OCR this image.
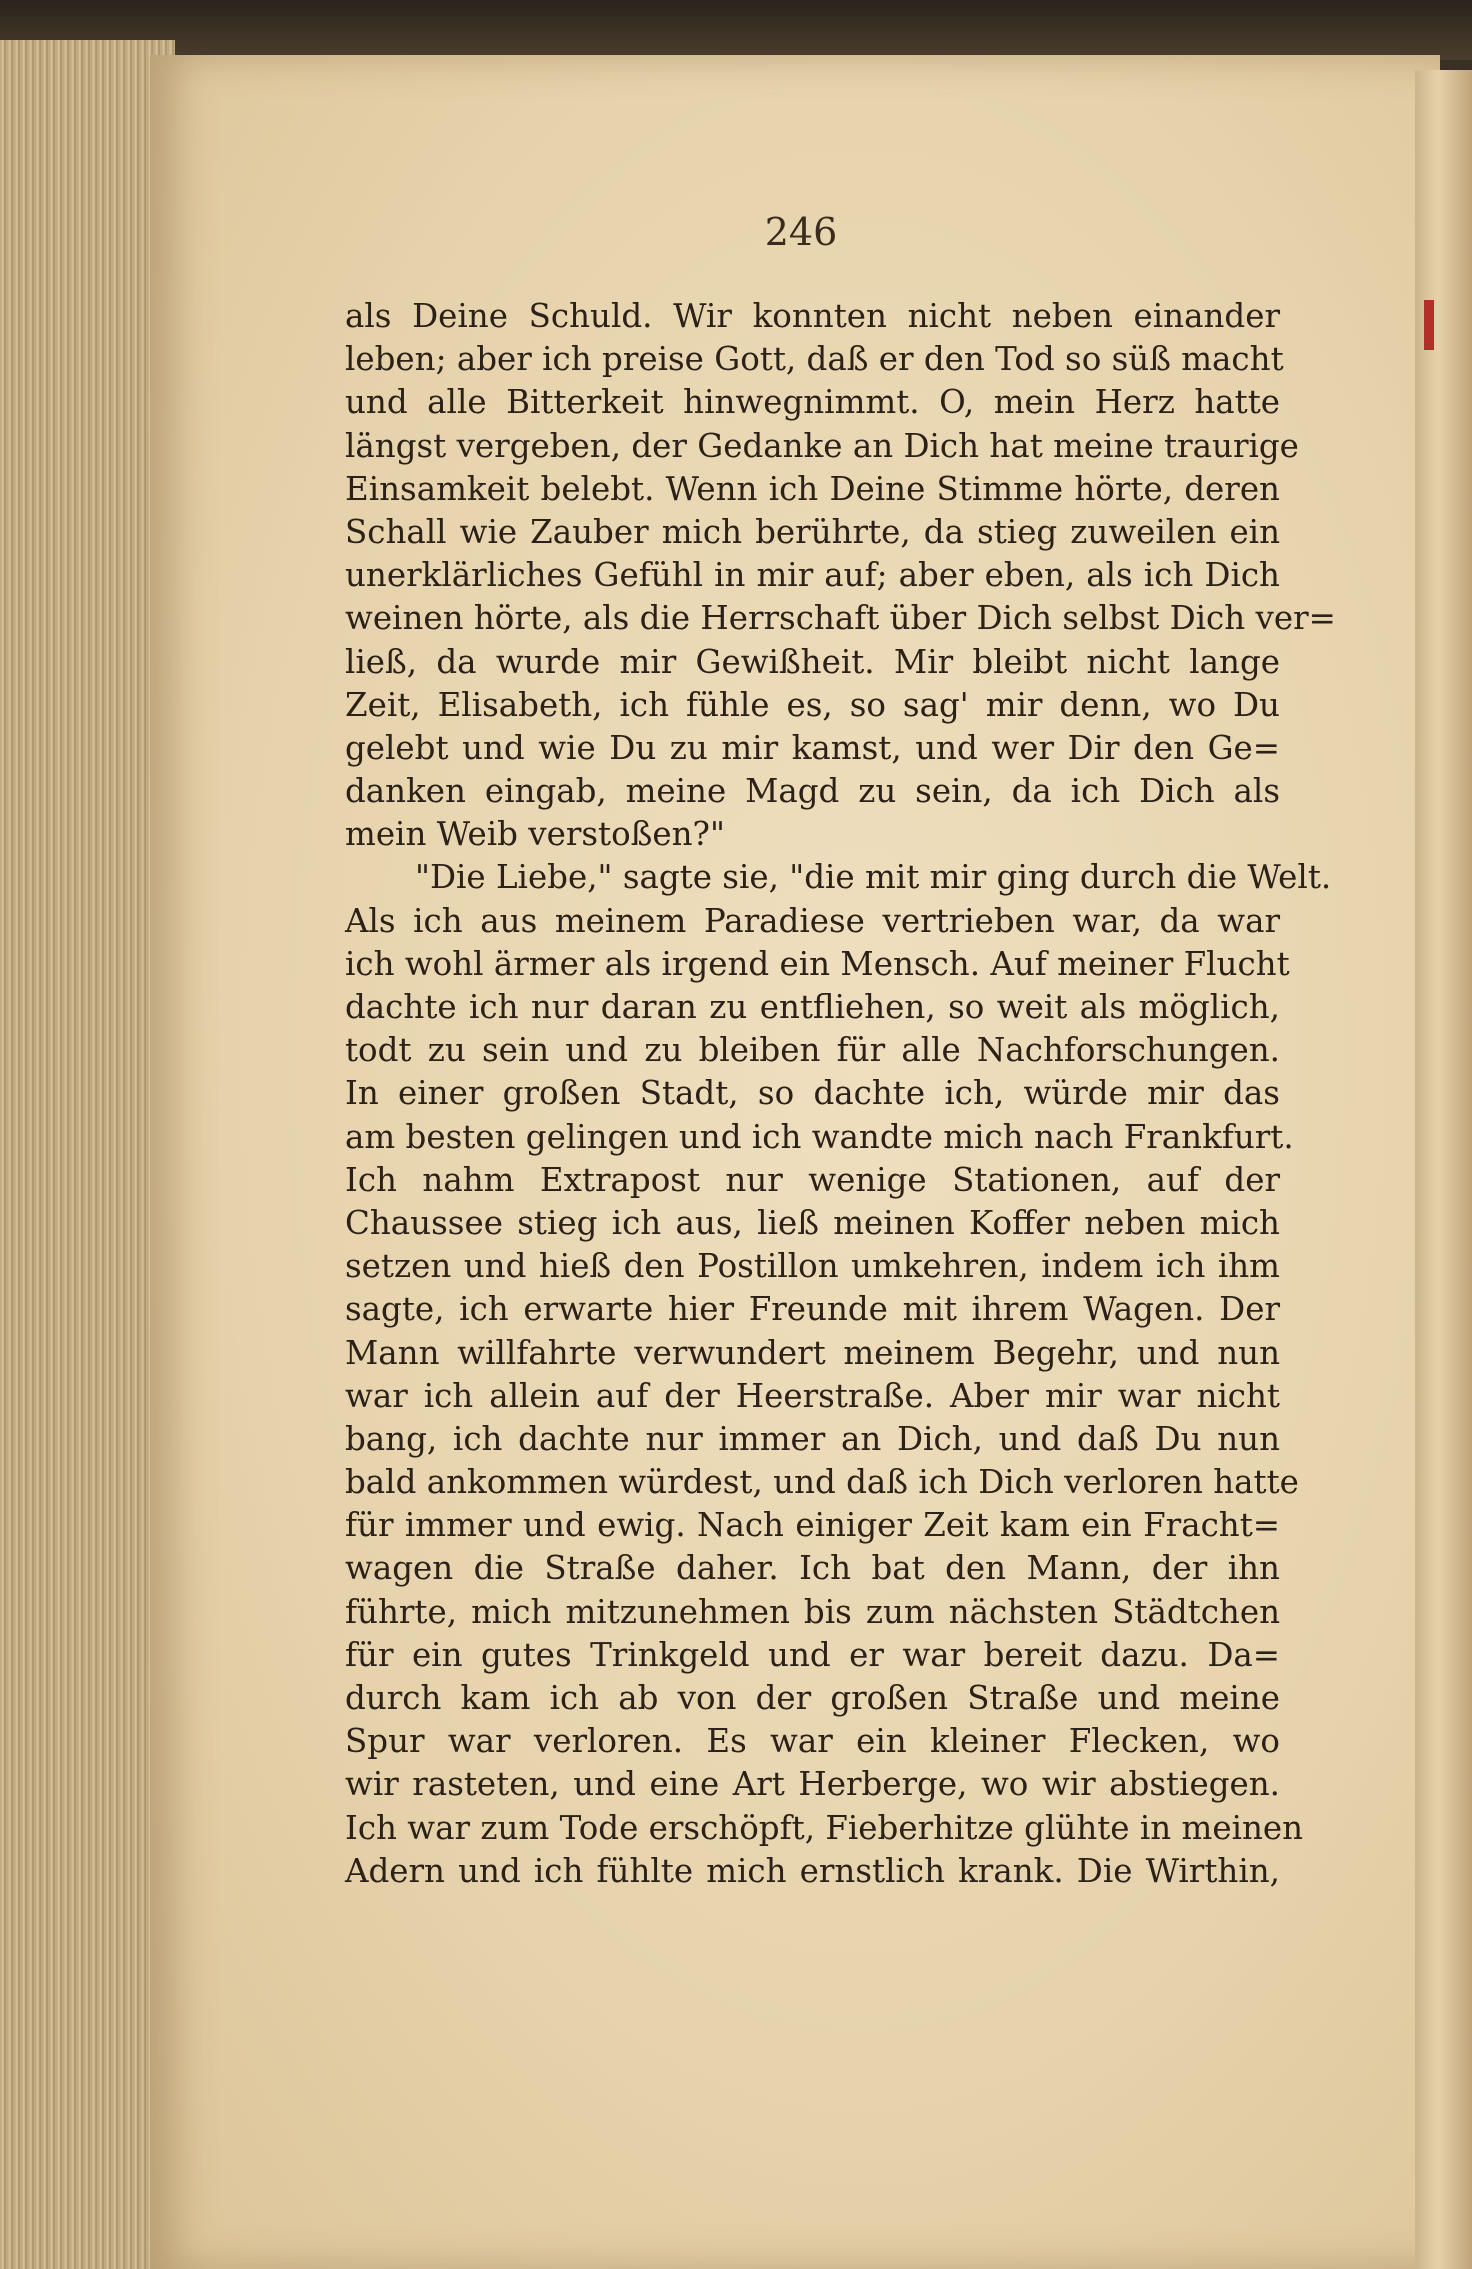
246
als Deine Schuld. Wir konnten nicht neben einander
leben; aber ich preise Gott, daß er den Tod so süß macht
und alle Bitterkeit hinwegnimmt. O, mein Herz hatte
längst vergeben, der Gedanke an Dich hat meine traurige
Einsamkeit belebt. Wenn ich Deine Stimme hörte, deren
Schall wie Zauber mich berührte, da stieg zuweilen ein
unerklärliches Gefühl in mir auf; aber eben, als ich Dich
weinen hörte, als die Herrschaft über Dich selbst Dich ver=
ließ, da wurde mir Gewißheit. Mir bleibt nicht lange
Zeit, Elisabeth, ich fühle es, so sag' mir denn, wo Du
gelebt und wie Du zu mir kamst, und wer Dir den Ge=
danken eingab, meine Magd zu sein, da ich Dich als
mein Weib verstoßen?"
"Die Liebe," sagte sie, "die mit mir ging durch die Welt.
Als ich aus meinem Paradiese vertrieben war, da war
ich wohl ärmer als irgend ein Mensch. Auf meiner Flucht
dachte ich nur daran zu entfliehen, so weit als möglich,
todt zu sein und zu bleiben für alle Nachforschungen.
In einer großen Stadt, so dachte ich, würde mir das
am besten gelingen und ich wandte mich nach Frankfurt.
Ich nahm Extrapost nur wenige Stationen, auf der
Chaussee stieg ich aus, ließ meinen Koffer neben mich
setzen und hieß den Postillon umkehren, indem ich ihm
sagte, ich erwarte hier Freunde mit ihrem Wagen. Der
Mann willfahrte verwundert meinem Begehr, und nun
war ich allein auf der Heerstraße. Aber mir war nicht
bang, ich dachte nur immer an Dich, und daß Du nun
bald ankommen würdest, und daß ich Dich verloren hatte
für immer und ewig. Nach einiger Zeit kam ein Fracht=
wagen die Straße daher. Ich bat den Mann, der ihn
führte, mich mitzunehmen bis zum nächsten Städtchen
für ein gutes Trinkgeld und er war bereit dazu. Da=
durch kam ich ab von der großen Straße und meine
Spur war verloren. Es war ein kleiner Flecken, wo
wir rasteten, und eine Art Herberge, wo wir abstiegen.
Ich war zum Tode erschöpft, Fieberhitze glühte in meinen
Adern und ich fühlte mich ernstlich krank. Die Wirthin,
